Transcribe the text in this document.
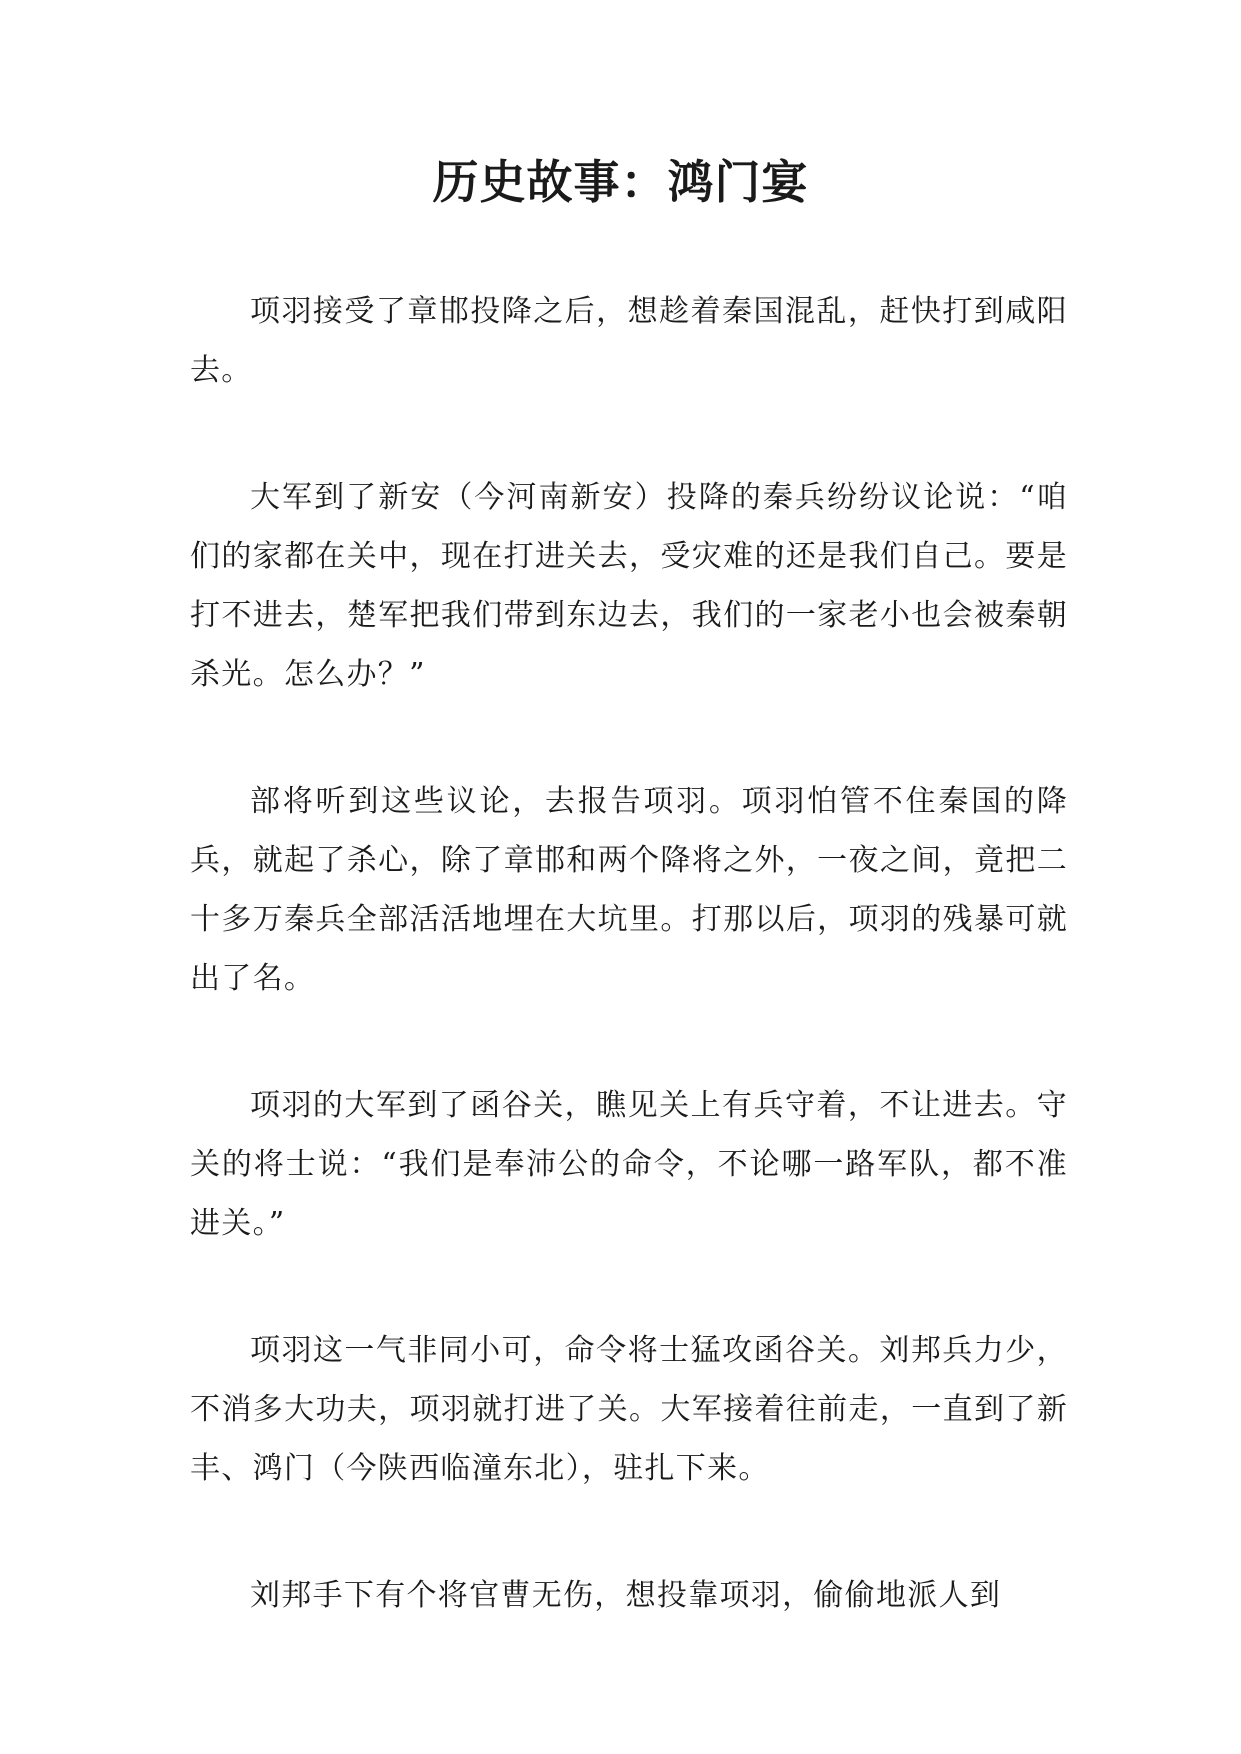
历史故事：鸿门宴

项羽接受了章邯投降之后，想趁着秦国混乱，赶快打到咸阳去。

大军到了新安（今河南新安）投降的秦兵纷纷议论说：“咱们的家都在关中，现在打进关去，受灾难的还是我们自己。要是打不进去，楚军把我们带到东边去，我们的一家老小也会被秦朝杀光。怎么办？”

部将听到这些议论，去报告项羽。项羽怕管不住秦国的降兵，就起了杀心，除了章邯和两个降将之外，一夜之间，竟把二十多万秦兵全部活活地埋在大坑里。打那以后，项羽的残暴可就出了名。

项羽的大军到了函谷关，瞧见关上有兵守着，不让进去。守关的将士说：“我们是奉沛公的命令，不论哪一路军队，都不准进关。”

项羽这一气非同小可，命令将士猛攻函谷关。刘邦兵力少，不消多大功夫，项羽就打进了关。大军接着往前走，一直到了新丰、鸿门（今陕西临潼东北），驻扎下来。

刘邦手下有个将官曹无伤，想投靠项羽，偷偷地派人到
